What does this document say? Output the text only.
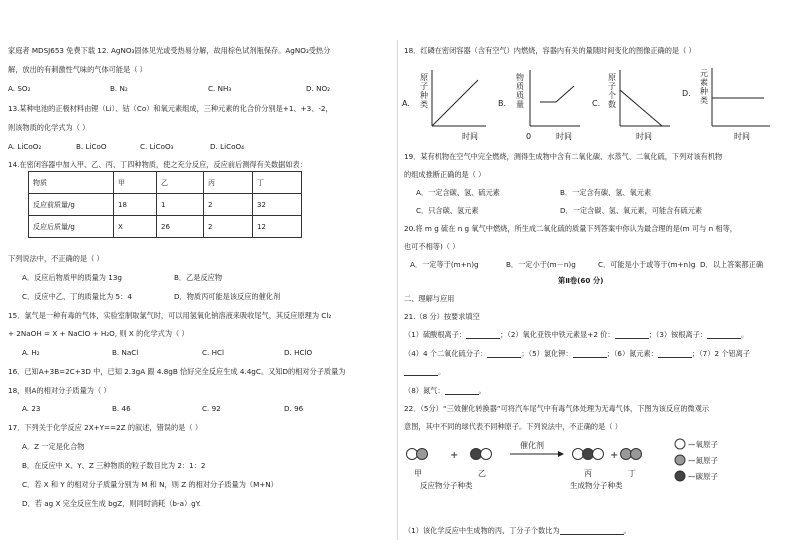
家庭者 MDSJ653 免费下载 12. AgNO₃固体见光或受热易分解，故用棕色试剂瓶保存。AgNO₃受热分
解，放出的有刺激性气味的气体可能是（ ）
A. SO₂	B. N₂	C. NH₃	D. NO₂
13.某种电池的正极材料由锂（Li）、钴（Co）和氧元素组成，三种元素的化合价分别是+1、+3、-2，
则该物质的化学式为（ ）
A. LiCoO₂	B. LiCoO	C. LiCoO₃	D. LiCoO₄
14.在密闭容器中加入甲、乙、丙、丁四种物质，使之充分反应，反应前后测得有关数据如表：
物质	甲	乙	丙	丁
反应前质量/g	18	1	2	32
反应后质量/g	X	26	2	12
下列说法中，不正确的是（ ）
A．反应后物质甲的质量为 13g	B．乙是反应物
C．反应中乙、丁的质量比为 5：4	D．物质丙可能是该反应的催化剂
15．氯气是一种有毒的气体，实验室制取氯气时，可以用氢氧化钠溶液来吸收尾气，其反应原理为 Cl₂
+ 2NaOH = X + NaClO + H₂O, 则 X 的化学式为（ ）
A. H₂	B. NaCl	C. HCl	D. HClO
16．已知A+3B=2C+3D 中，已知 2.3gA 跟 4.8gB 恰好完全反应生成 4.4gC。又知D的相对分子质量为
18，则A的相对分子质量为（ ）
A. 23	B. 46	C. 92	D. 96
17．下列关于化学反应 2X+Y==2Z 的叙述，错误的是（ ）
A．Z 一定是化合物
B．在反应中 X、Y、Z 三种物质的粒子数目比为 2：1：2
C．若 X 和 Y 的相对分子质量分别为 M 和 N，则 Z 的相对分子质量为（M+N）
D．若 ag X 完全反应生成 bgZ，则同时消耗（b-a）gY.
18．红磷在密闭容器（含有空气）内燃烧，容器内有关的量随时间变化的图像正确的是（ ）
A.
原子种类
时间
B.
物质质量
0	时间
C.
原子个数
时间
D.
元素种类
时间
19．某有机物在空气中完全燃烧，测得生成物中含有二氧化碳、水蒸气、二氧化硫，下列对该有机物
的组成推断正确的是（ ）
A．一定含碳、氢、硫元素	B．一定含有碳、氢、氧元素
C．只含碳、氢元素	D．一定含碳、氢、氧元素，可能含有硫元素
20.将 m g 硫在 n g 氧气中燃烧，所生成二氧化硫的质量下列答案中你认为最合理的是(m 可与 n 相等，
也可不相等)（ ）
A．一定等于(m+n)g	B．一定小于(m－n)g	C．可能是小于或等于(m+n)g D．以上答案都正确
第Ⅱ卷(60 分)
二、理解与应用
21.（8 分）按要求填空
（1）硫酸根离子：	；（2）氧化亚铁中铁元素显+2 价：	；（3）铵根离子：	。
（4）4 个二氧化硫分子：	；（5）氯化钾：	；（6）氮元素：	；（7）2 个铝离子
。
（8）氮气：	。
22．（5分）“三效催化转换器”可将汽车尾气中有毒气体处理为无毒气体，下图为该反应的微观示
意图，其中不同的球代表不同种原子。下列说法中，不正确的是（ ）
+
催化剂
+
甲	乙	丙	丁
反应物分子种类	生成物分子种类
—氧原子
—氮原子
—碳原子
（1）该化学反应中生成物的丙、丁分子个数比为	。
